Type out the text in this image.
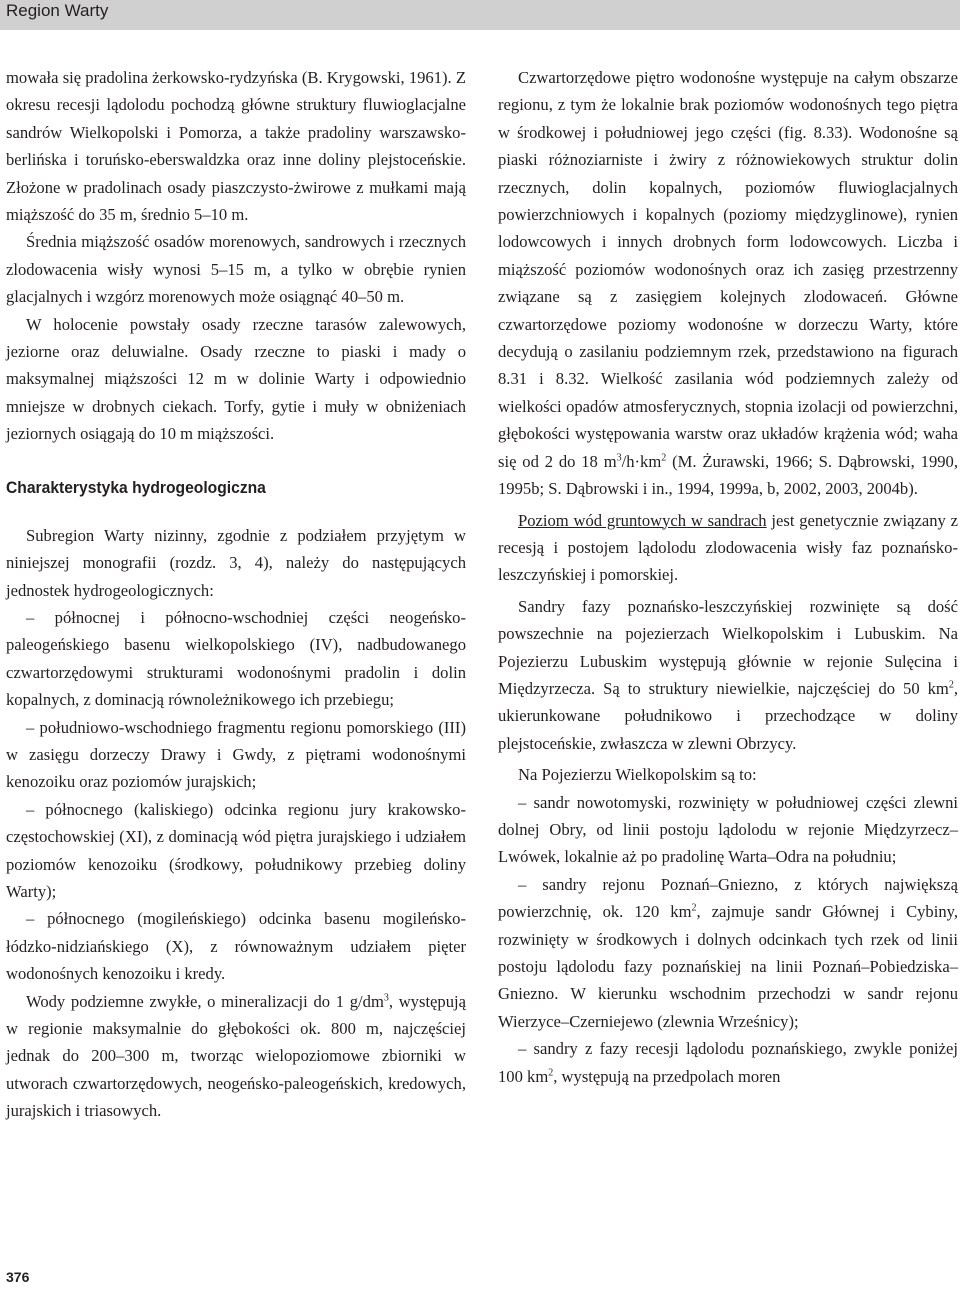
Region Warty

mowała się pradolina żerkowsko-rydzyńska (B. Krygowski, 1961). Z okresu recesji lądolodu pochodzą główne struktury fluwioglacjalne sandrów Wielkopolski i Pomorza, a także pradoliny warszawsko-berlińska i toruńsko-eberswaldzka oraz inne doliny plejstoceńskie. Złożone w pradolinach osady piaszczysto-żwirowe z mułkami mają miąższość do 35 m, średnio 5–10 m.

Średnia miąższość osadów morenowych, sandrowych i rzecznych zlodowacenia wisły wynosi 5–15 m, a tylko w obrębie rynien glacjalnych i wzgórz morenowych może osiągnąć 40–50 m.

W holocenie powstały osady rzeczne tarasów zalewowych, jeziorne oraz deluwialne. Osady rzeczne to piaski i mady o maksymalnej miąższości 12 m w dolinie Warty i odpowiednio mniejsze w drobnych ciekach. Torfy, gytie i muły w obniżeniach jeziornych osiągają do 10 m miąższości.

Charakterystyka hydrogeologiczna

Subregion Warty nizinny, zgodnie z podziałem przyjętym w niniejszej monografii (rozdz. 3, 4), należy do następujących jednostek hydrogeologicznych:

– północnej i północno-wschodniej części neogeńsko-paleogeńskiego basenu wielkopolskiego (IV), nadbudowanego czwartorzędowymi strukturami wodonośnymi pradolin i dolin kopalnych, z dominacją równoleżnikowego ich przebiegu;

– południowo-wschodniego fragmentu regionu pomorskiego (III) w zasięgu dorzeczy Drawy i Gwdy, z piętrami wodonośnymi kenozoiku oraz poziomów jurajskich;

– północnego (kaliskiego) odcinka regionu jury krakowsko-częstochowskiej (XI), z dominacją wód piętra jurajskiego i udziałem poziomów kenozoiku (środkowy, południkowy przebieg doliny Warty);

– północnego (mogileńskiego) odcinka basenu mogileńsko-łódzko-nidziańskiego (X), z równoważnym udziałem pięter wodonośnych kenozoiku i kredy.

Wody podziemne zwykłe, o mineralizacji do 1 $g/dm^3$, występują w regionie maksymalnie do głębokości ok. 800 m, najczęściej jednak do 200–300 m, tworząc wielopoziomowe zbiorniki w utworach czwartorzędowych, neogeńsko-paleogeńskich, kredowych, jurajskich i triasowych.

Czwartorzędowe piętro wodonośne występuje na całym obszarze regionu, z tym że lokalnie brak poziomów wodonośnych tego piętra w środkowej i południowej jego części (fig. 8.33). Wodonośne są piaski różnoziarniste i żwiry z różnowiekowych struktur dolin rzecznych, dolin kopalnych, poziomów fluwioglacjalnych powierzchniowych i kopalnych (poziomy międzyglinowe), rynien lodowcowych i innych drobnych form lodowcowych. Liczba i miąższość poziomów wodonośnych oraz ich zasięg przestrzenny związane są z zasięgiem kolejnych zlodowaceń. Główne czwartorzędowe poziomy wodonośne w dorzeczu Warty, które decydują o zasilaniu podziemnym rzek, przedstawiono na figurach 8.31 i 8.32. Wielkość zasilania wód podziemnych zależy od wielkości opadów atmosferycznych, stopnia izolacji od powierzchni, głębokości występowania warstw oraz układów krążenia wód; waha się od 2 do 18 $m^3/h\cdot km^2$ (M. Żurawski, 1966; S. Dąbrowski, 1990, 1995b; S. Dąbrowski i in., 1994, 1999a, b, 2002, 2003, 2004b).

Poziom wód gruntowych w sandrach jest genetycznie związany z recesją i postojem lądolodu zlodowacenia wisły faz poznańsko-leszczyńskiej i pomorskiej.

Sandry fazy poznańsko-leszczyńskiej rozwinięte są dość powszechnie na pojezierzach Wielkopolskim i Lubuskim. Na Pojezierzu Lubuskim występują głównie w rejonie Sulęcina i Międzyrzecza. Są to struktury niewielkie, najczęściej do 50 $km^2$, ukierunkowane południkowo i przechodzące w doliny plejstoceńskie, zwłaszcza w zlewni Obrzycy.

Na Pojezierzu Wielkopolskim są to:

– sandr nowotomyski, rozwinięty w południowej części zlewni dolnej Obry, od linii postoju lądolodu w rejonie Międzyrzecz–Lwówek, lokalnie aż po pradolinę Warta–Odra na południu;

– sandry rejonu Poznań–Gniezno, z których największą powierzchnię, ok. 120 $km^2$, zajmuje sandr Głównej i Cybiny, rozwinięty w środkowych i dolnych odcinkach tych rzek od linii postoju lądolodu fazy poznańskiej na linii Poznań–Pobiedziska–Gniezno. W kierunku wschodnim przechodzi w sandr rejonu Wierzyce–Czerniejewo (zlewnia Wrześnicy);

– sandry z fazy recesji lądolodu poznańskiego, zwykle poniżej 100 $km^2$, występują na przedpolach moren

376
